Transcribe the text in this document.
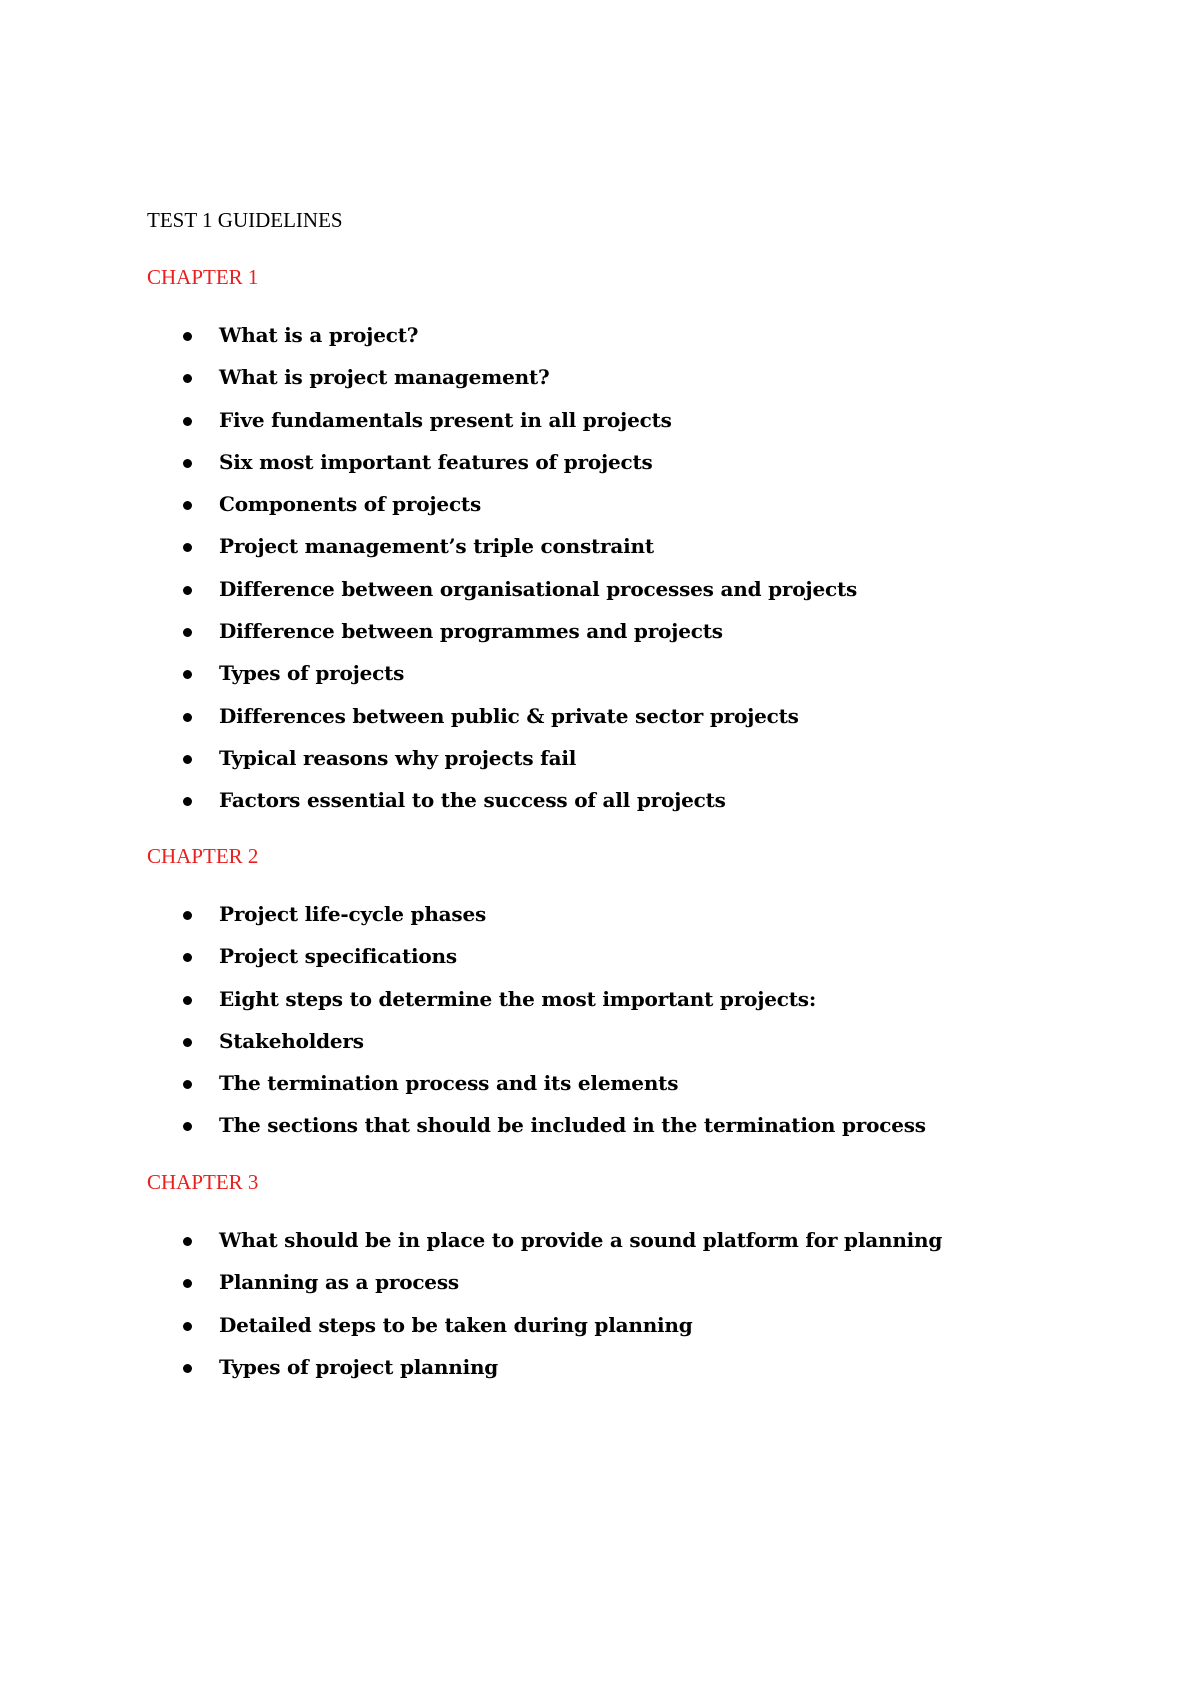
TEST 1 GUIDELINES
CHAPTER 1
What is a project?
What is project management?
Five fundamentals present in all projects
Six most important features of projects
Components of projects
Project management’s triple constraint
Difference between organisational processes and projects
Difference between programmes and projects
Types of projects
Differences between public & private sector projects
Typical reasons why projects fail
Factors essential to the success of all projects
CHAPTER 2
Project life-cycle phases
Project specifications
Eight steps to determine the most important projects:
Stakeholders
The termination process and its elements
The sections that should be included in the termination process
CHAPTER 3
What should be in place to provide a sound platform for planning
Planning as a process
Detailed steps to be taken during planning
Types of project planning
